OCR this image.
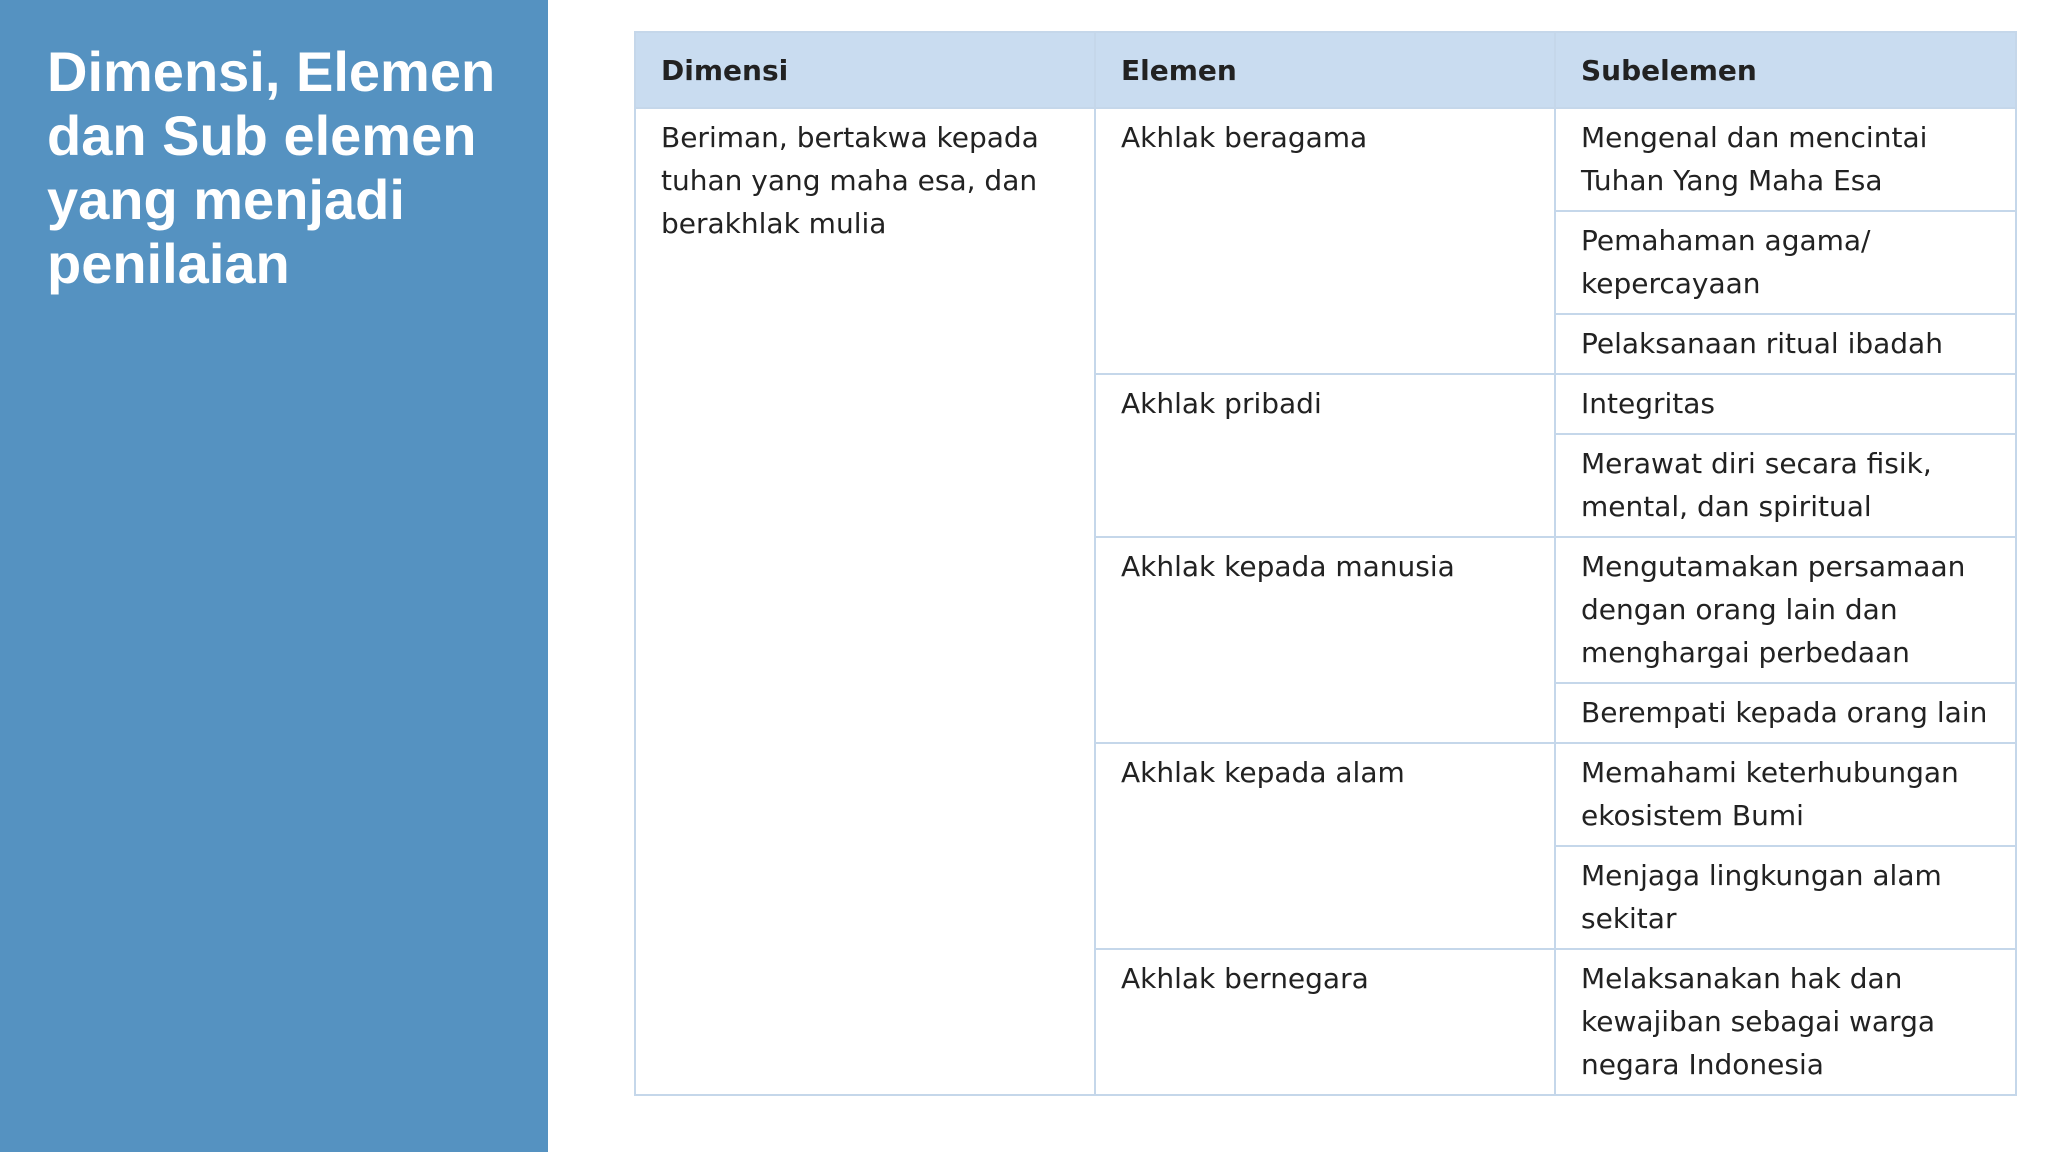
Dimensi, Elemen
dan Sub elemen
yang menjadi
penilaian
Dimensi	Elemen	Subelemen
Beriman, bertakwa kepada tuhan yang maha esa, dan berakhlak mulia	Akhlak beragama	Mengenal dan mencintai Tuhan Yang Maha Esa
		Pemahaman agama/ kepercayaan
		Pelaksanaan ritual ibadah
	Akhlak pribadi	Integritas
		Merawat diri secara fisik, mental, dan spiritual
	Akhlak kepada manusia	Mengutamakan persamaan dengan orang lain dan menghargai perbedaan
		Berempati kepada orang lain
	Akhlak kepada alam	Memahami keterhubungan ekosistem Bumi
		Menjaga lingkungan alam sekitar
	Akhlak bernegara	Melaksanakan hak dan kewajiban sebagai warga negara Indonesia
